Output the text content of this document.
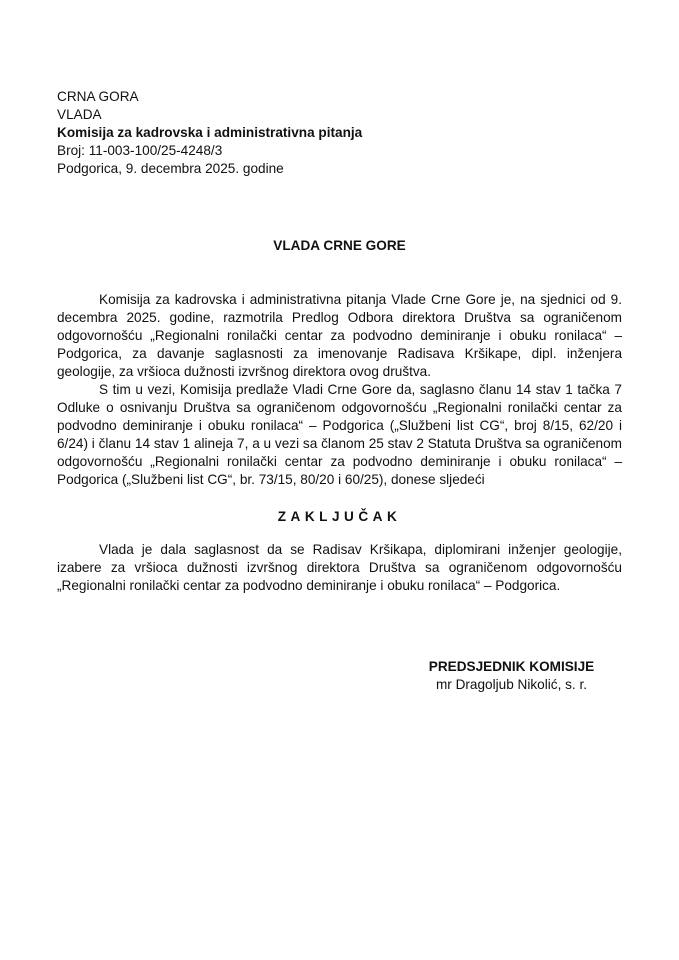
CRNA GORA
VLADA
Komisija za kadrovska i administrativna pitanja
Broj: 11-003-100/25-4248/3
Podgorica, 9. decembra 2025. godine
VLADA CRNE GORE

Komisija za kadrovska i administrativna pitanja Vlade Crne Gore je, na sjednici od 9. decembra 2025. godine, razmotrila Predlog Odbora direktora Društva sa ograničenom odgovornošću „Regionalni ronilački centar za podvodno deminiranje i obuku ronilaca“ – Podgorica, za davanje saglasnosti za imenovanje Radisava Kršikape, dipl. inženjera geologije, za vršioca dužnosti izvršnog direktora ovog društva.

S tim u vezi, Komisija predlaže Vladi Crne Gore da, saglasno članu 14 stav 1 tačka 7 Odluke o osnivanju Društva sa ograničenom odgovornošću „Regionalni ronilački centar za podvodno deminiranje i obuku ronilaca“ – Podgorica („Službeni list CG“, broj 8/15, 62/20 i 6/24) i članu 14 stav 1 alineja 7, a u vezi sa članom 25 stav 2 Statuta Društva sa ograničenom odgovornošću „Regionalni ronilački centar za podvodno deminiranje i obuku ronilaca“ – Podgorica („Službeni list CG“, br. 73/15, 80/20 i 60/25), donese sljedeći

ZAKLJUČAK

Vlada je dala saglasnost da se Radisav Kršikapa, diplomirani inženjer geologije, izabere za vršioca dužnosti izvršnog direktora Društva sa ograničenom odgovornošću „Regionalni ronilački centar za podvodno deminiranje i obuku ronilaca“ – Podgorica.

PREDSJEDNIK KOMISIJE
mr Dragoljub Nikolić, s. r.
